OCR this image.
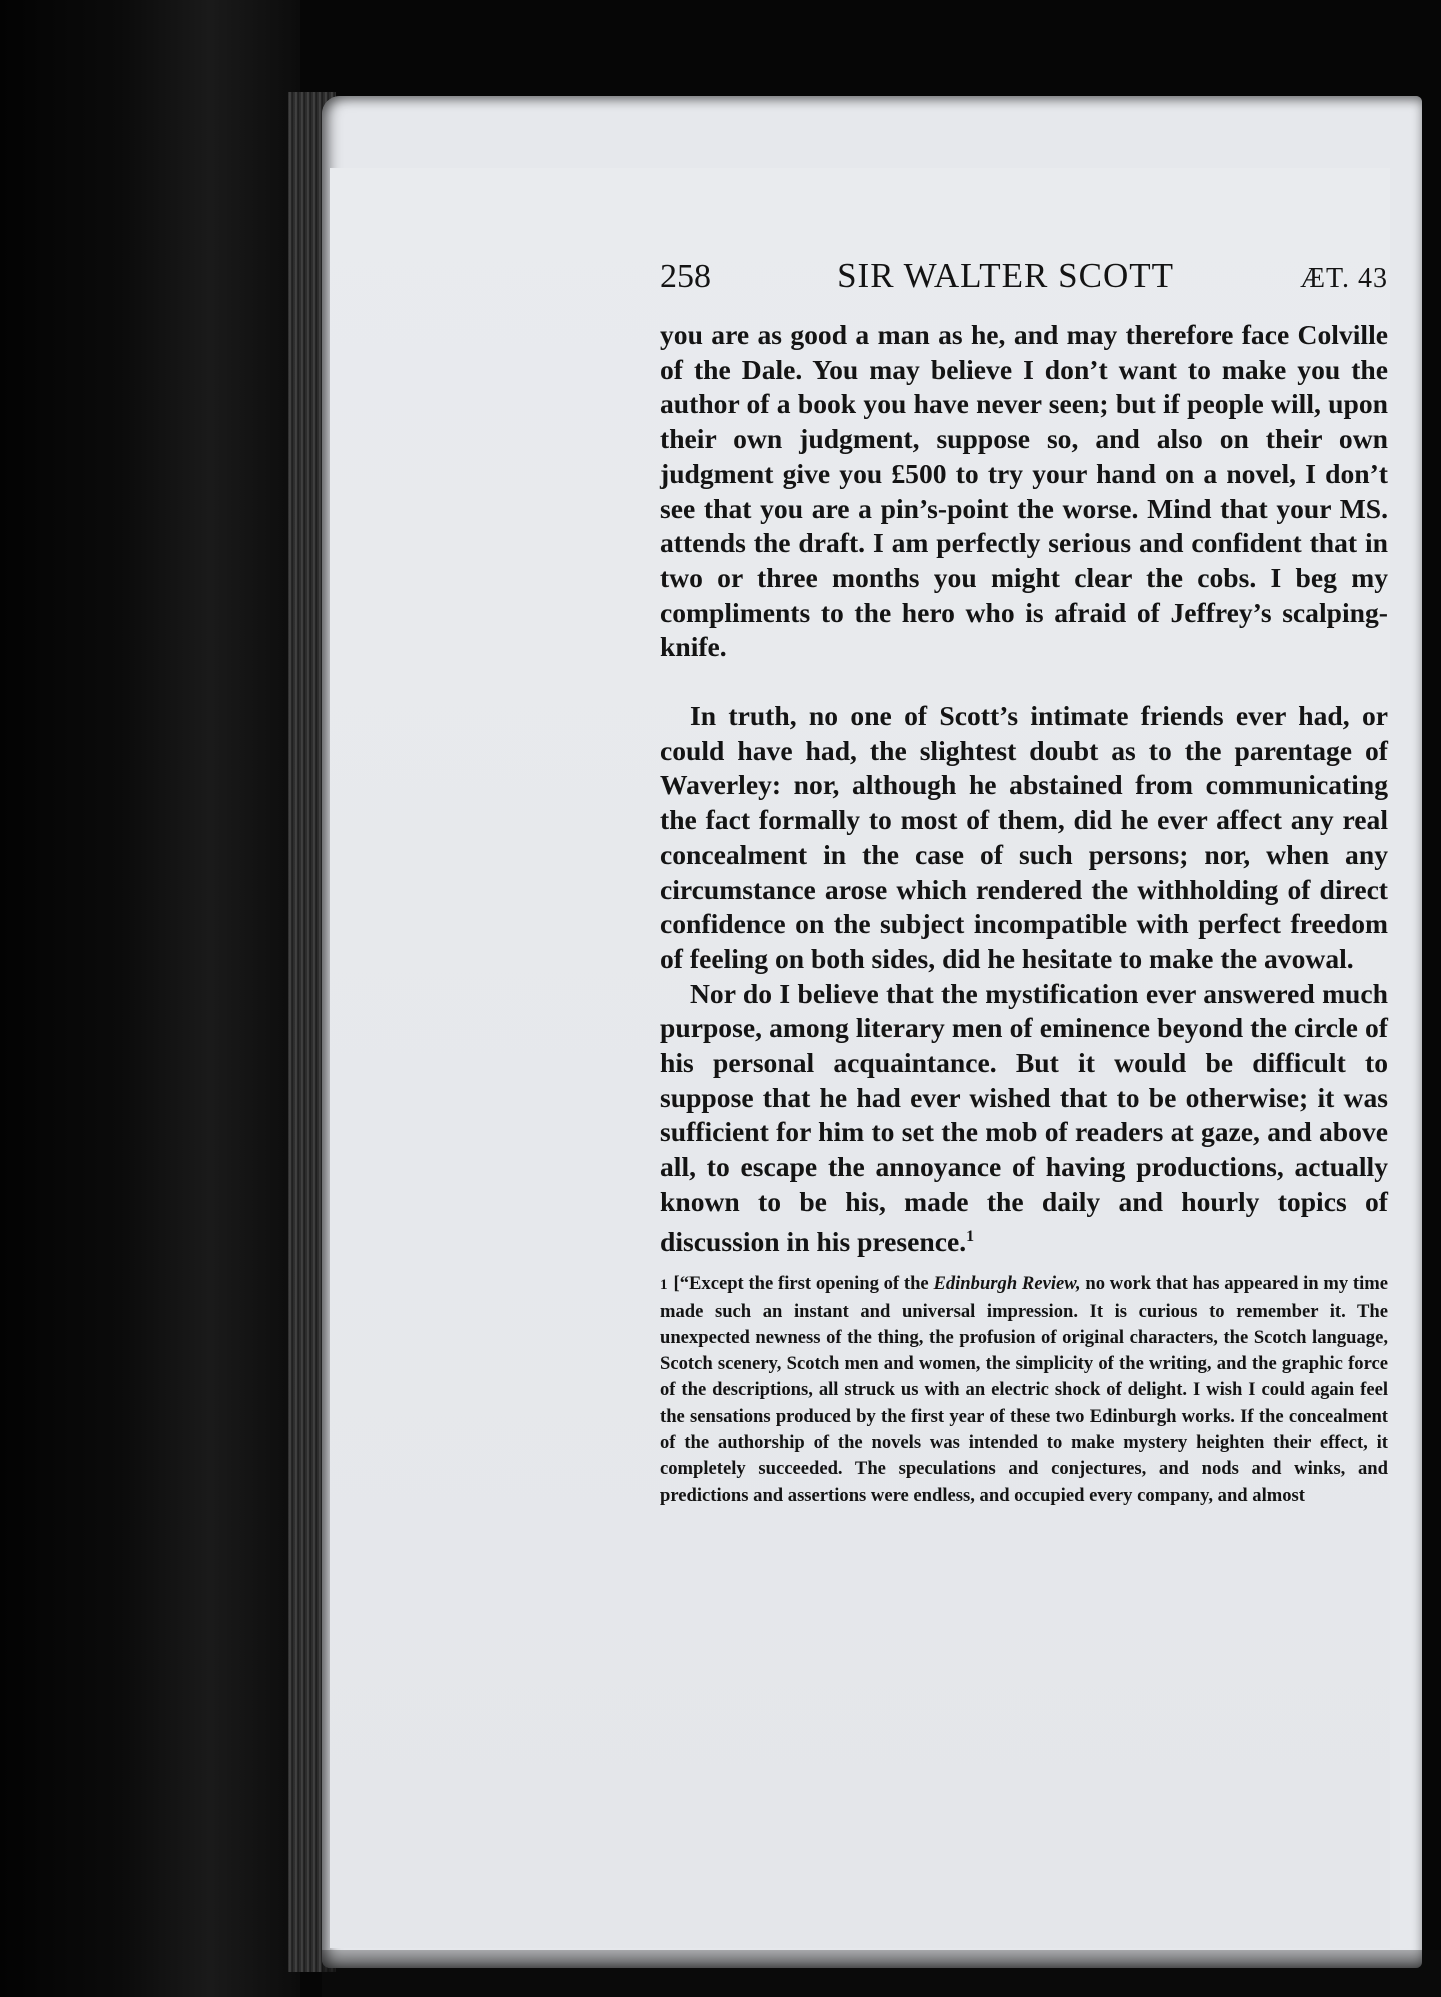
258	SIR WALTER SCOTT	ÆT. 43

you are as good a man as he, and may therefore face Colville of the Dale. You may believe I don’t want to make you the author of a book you have never seen; but if people will, upon their own judgment, suppose so, and also on their own judgment give you £500 to try your hand on a novel, I don’t see that you are a pin’s-point the worse. Mind that your MS. attends the draft. I am perfectly serious and confident that in two or three months you might clear the cobs. I beg my compliments to the hero who is afraid of Jeffrey’s scalping-knife.

In truth, no one of Scott’s intimate friends ever had, or could have had, the slightest doubt as to the parentage of Waverley: nor, although he abstained from communicating the fact formally to most of them, did he ever affect any real concealment in the case of such persons; nor, when any circumstance arose which rendered the withholding of direct confidence on the subject incompatible with perfect freedom of feeling on both sides, did he hesitate to make the avowal.

Nor do I believe that the mystification ever answered much purpose, among literary men of eminence beyond the circle of his personal acquaintance. But it would be difficult to suppose that he had ever wished that to be otherwise; it was sufficient for him to set the mob of readers at gaze, and above all, to escape the annoyance of having productions, actually known to be his, made the daily and hourly topics of discussion in his presence.$^1$

1 [“Except the first opening of the Edinburgh Review, no work that has appeared in my time made such an instant and universal impression. It is curious to remember it. The unexpected newness of the thing, the profusion of original characters, the Scotch language, Scotch scenery, Scotch men and women, the simplicity of the writing, and the graphic force of the descriptions, all struck us with an electric shock of delight. I wish I could again feel the sensations produced by the first year of these two Edinburgh works. If the concealment of the authorship of the novels was intended to make mystery heighten their effect, it completely succeeded. The speculations and conjectures, and nods and winks, and predictions and assertions were endless, and occupied every company, and almost
